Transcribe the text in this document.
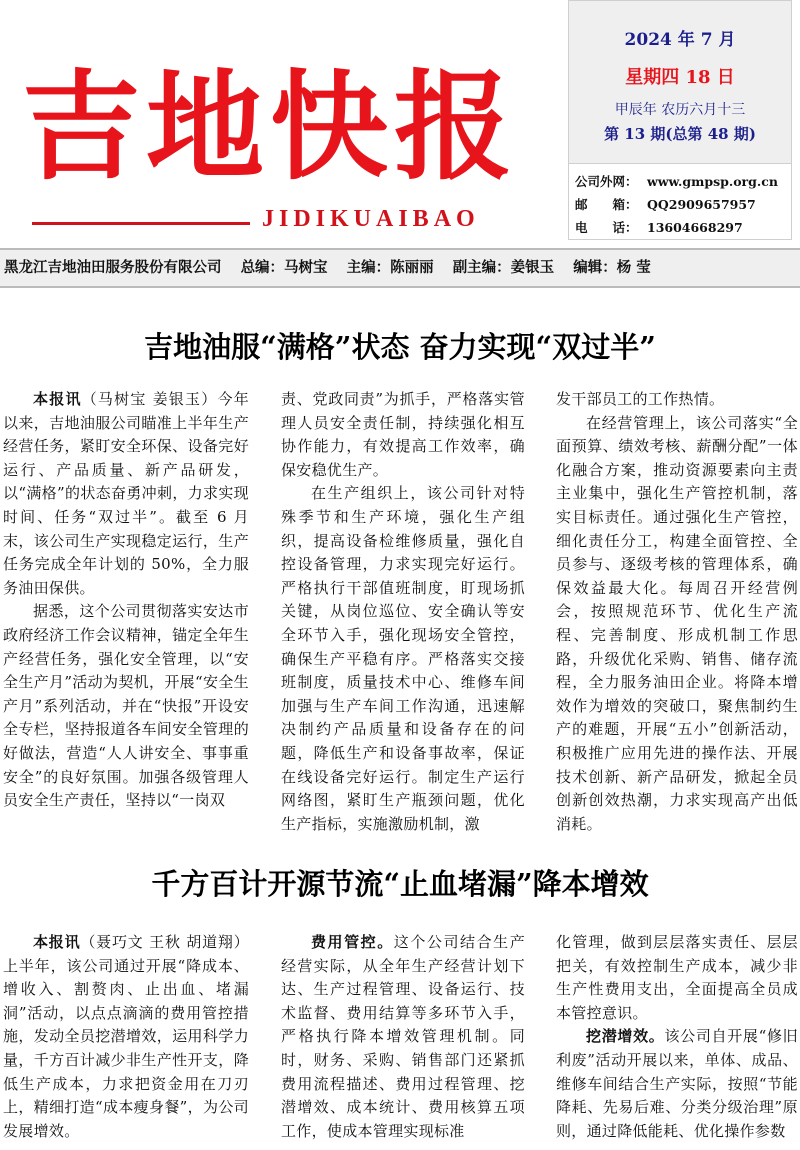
吉地快报
JIDIKUAIBAO
2024 年 7 月
星期四 18 日
甲辰年 农历六月十三
第 13 期(总第 48 期)
公司外网： www.gmpsp.org.cn
邮　　箱： QQ2909657957
电　　话： 13604668297
黑龙江吉地油田服务股份有限公司 总编：马树宝 主编：陈丽丽 副主编：姜银玉 编辑：杨 莹
吉地油服“满格”状态 奋力实现“双过半”

本报讯（马树宝 姜银玉）今年以来，吉地油服公司瞄准上半年生产经营任务，紧盯安全环保、设备完好运行、产品质量、新产品研发，以“满格”的状态奋勇冲刺，力求实现时间、任务“双过半”。截至 6 月末，该公司生产实现稳定运行，生产任务完成全年计划的 50%，全力服务油田保供。

据悉，这个公司贯彻落实安达市政府经济工作会议精神，锚定全年生产经营任务，强化安全管理，以“安全生产月”活动为契机，开展“安全生产月”系列活动，并在“快报”开设安全专栏，坚持报道各车间安全管理的好做法，营造“人人讲安全、事事重安全”的良好氛围。加强各级管理人员安全生产责任，坚持以“一岗双

责、党政同责”为抓手，严格落实管理人员安全责任制，持续强化相互协作能力，有效提高工作效率，确保安稳优生产。

在生产组织上，该公司针对特殊季节和生产环境，强化生产组织，提高设备检维修质量，强化自控设备管理，力求实现完好运行。严格执行干部值班制度，盯现场抓关键，从岗位巡位、安全确认等安全环节入手，强化现场安全管控，确保生产平稳有序。严格落实交接班制度，质量技术中心、维修车间加强与生产车间工作沟通，迅速解决制约产品质量和设备存在的问题，降低生产和设备事故率，保证在线设备完好运行。制定生产运行网络图，紧盯生产瓶颈问题，优化生产指标，实施激励机制，激

发干部员工的工作热情。

在经营管理上，该公司落实“全面预算、绩效考核、薪酬分配”一体化融合方案，推动资源要素向主责主业集中，强化生产管控机制，落实目标责任。通过强化生产管控，细化责任分工，构建全面管控、全员参与、逐级考核的管理体系，确保效益最大化。每周召开经营例会，按照规范环节、优化生产流程、完善制度、形成机制工作思路，升级优化采购、销售、储存流程，全力服务油田企业。将降本增效作为增效的突破口，聚焦制约生产的难题，开展“五小”创新活动，积极推广应用先进的操作法、开展技术创新、新产品研发，掀起全员创新创效热潮，力求实现高产出低消耗。

千方百计开源节流“止血堵漏”降本增效

本报讯（聂巧文 王秋 胡道翔）上半年，该公司通过开展“降成本、增收入、割赘肉、止出血、堵漏洞”活动，以点点滴滴的费用管控措施，发动全员挖潜增效，运用科学力量，千方百计减少非生产性开支，降低生产成本，力求把资金用在刀刃上，精细打造“成本瘦身餐”，为公司发展增效。

费用管控。这个公司结合生产经营实际，从全年生产经营计划下达、生产过程管理、设备运行、技术监督、费用结算等多环节入手，严格执行降本增效管理机制。同时，财务、采购、销售部门还紧抓费用流程描述、费用过程管理、挖潜增效、成本统计、费用核算五项工作，使成本管理实现标准

化管理，做到层层落实责任、层层把关，有效控制生产成本，减少非生产性费用支出，全面提高全员成本管控意识。

挖潜增效。该公司自开展“修旧利废”活动开展以来，单体、成品、维修车间结合生产实际，按照“节能降耗、先易后难、分类分级治理”原则，通过降低能耗、优化操作参数
